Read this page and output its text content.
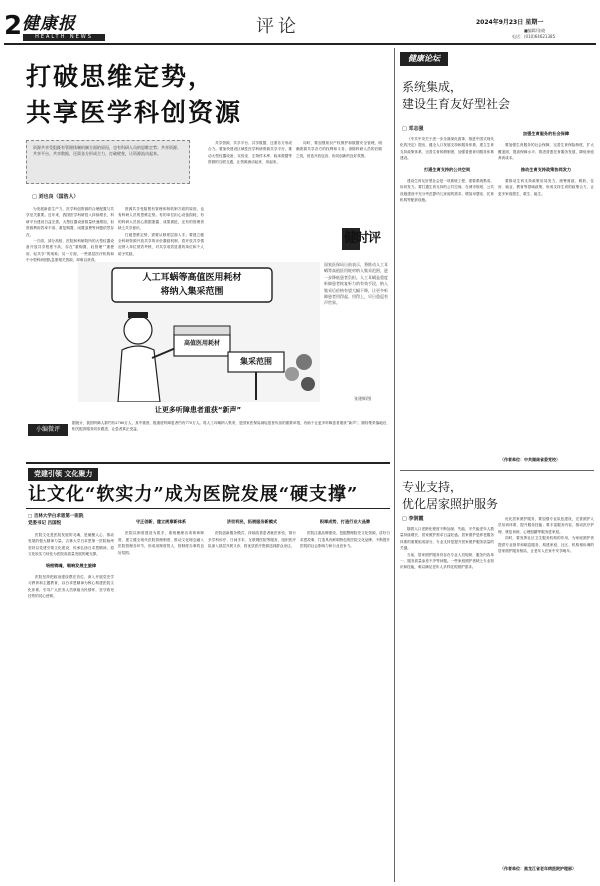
2 健康报
HEALTH NEWS	评论	2024年9月23日 星期一
■编辑/张晓
电话：(010)64621385
打破思维定势，
共享医学科创资源
资源共享受阻既有管理体制机制方面的原因，也有科研人员的思维定势；共享资源、共享平台、共享数据，还需各方形成合力，打破壁垒，让资源流动起来。
□ 刘也良（国浩人）

为发展新质生产力，医学科创资源的合理配置与共享至关重要。近年来，我国医学科研投入持续增长，科研平台建设日益完善，大型仪器设备数量快速增加，但资源利用效率不高、重复购置、闲置浪费等问题依然存在。

一方面，部分高校、医院和科研院所的大型仪器设备开放共享程度不高，存在“重购置、轻管理”“重使用、轻共享”的现象；另一方面，一些基层医疗机构和中小型科研团队急需相关资源，却难以获得。

资源共享受阻既有管理体制机制方面的原因，也有科研人员的思维定势。有的单位担心设备损耗，有的科研人员担心数据泄露、成果被抢，还有的管理者缺乏共享意识。

打破思维定势，需要从制度层面入手。要建立健全科研资源开放共享的评价激励机制，将开放共享情况纳入单位绩效考核，对共享成效显著的单位和个人给予奖励。

共享资源、共享平台、共享数据，还需各方形成合力。要加快建设区域性医学科研资源共享平台，推动大型仪器设备、实验室、生物样本库、临床数据等资源的互联互通，让资源流动起来、用起来。

同时，要加强知识产权保护和数据安全管理，明确资源共享各方的权利和义务，消除科研人员的后顾之忧，营造开放包容、协同创新的良好氛围。

健时评
人工耳蜗等高值医用耗材
将纳入集采范围
高值医用耗材
集采范围
国家医保局日前表示，将推动人工耳蜗等高值医用耗材纳入集采范围，进一步降低患者负担。人工耳蜗是重度听障患者恢复听力的有效手段，纳入集采后价格有望大幅下降，让更多听障患者用得起、用得上，早日重返有声世界。
张建辉/图
让更多听障患者重获“新声”
小编微评
据统计，我国听障人群约有2780万人，其中重度、极重度听障患者约有770万人。将人工耳蜗纳入集采，是国家医保局减轻患者负担的重要举措，有助于让更多听障患者重获“新声”。期待集采落地后，相关配套服务同步跟进，让患者真正受益。
党建引领 文化聚力
让文化“软实力”成为医院发展“硬支撑”
□ 吉林大学白求恩第一医院
党委书记 吕国悦

医院文化是医院发展的灵魂，是凝聚人心、推动发展的强大精神力量。吉林大学白求恩第一医院始终坚持以党建引领文化建设，传承弘扬白求恩精神，将文化软实力转化为医院高质量发展的硬支撑。

培根铸魂，唱响发展主旋律

医院坚持把政治建设摆在首位，深入开展党史学习教育和主题教育，以白求恩精神为核心构建医院文化体系，引导广大医务人员厚植为民情怀，坚守救死扶伤的初心使命。

守正创新，建立规章新体系

医院以制度建设为抓手，系统梳理各项规章制度，建立健全现代医院管理制度，推动文化理念融入医院管理各环节，形成用制度管人、按制度办事的良好氛围。

济世利民，拓展服务新模式

医院创新服务模式，持续改善患者就医体验，推行多学科诊疗、日间手术、互联网医院等服务，组织医疗队深入基层开展义诊，将优质医疗资源送到群众身边。

积厚成势，打造行业大品牌

医院注重品牌建设，挖掘整理院史文化资源，讲好白求恩故事，打造具有鲜明特色的医院文化品牌，不断提升医院的社会影响力和行业竞争力。

健康论坛
系统集成，
建设生育友好型社会
□ 邓志强

《中共中央关于进一步全面深化改革、推进中国式现代化的决定》提出，健全人口发展支持和服务体系，建立生育支持政策体系，完善生育休假制度，加强普惠育幼服务体系建设。

打通生育支持的公共空间

建设生育友好型社会是一项系统工程，需要系统集成、协同发力。要打通生育支持的公共空间，在城市规划、公共设施建设中充分考虑婴幼儿家庭的需求，增加母婴室、托育机构等配套设施。

加强生育服务的社会保障

要加强生育服务的社会保障，完善生育保险制度，扩大覆盖面，提高保障水平；推进普惠托育服务发展，降低家庭养育成本。

推动生育支持政策协同发力

要推动生育支持政策协同发力，统筹财政、税收、住房、就业、教育等领域政策，形成支持生育的政策合力，让更多家庭愿生、敢生、能生。

（作者单位：中共湖南省委党校）
专业支持，
优化居家照护服务
□ 李润霞

随着人口老龄化程度不断加深，失能、半失能老年人数量持续增长，居家照护需求日益旺盛。居家照护是养老服务体系的重要组成部分，专业支持是提升居家照护服务质量的关键。

当前，居家照护服务仍存在专业人员短缺、服务内容单一、服务质量参差不齐等问题。一些家庭照护者缺乏专业知识和技能，难以满足老年人多样化的照护需求。

优化居家照护服务，要加强专业队伍建设，完善照护人员培训体系，提升服务技能；要丰富服务内容，推动医疗护理、康复训练、心理慰藉等服务进家庭。

同时，要发挥社区卫生服务机构的作用，为家庭照护者提供专业指导和喘息服务，构建家庭、社区、机构相协调的居家照护服务格局，让老年人在家中安享晚年。

（作者单位：黑龙江省老年病医院护理部）
